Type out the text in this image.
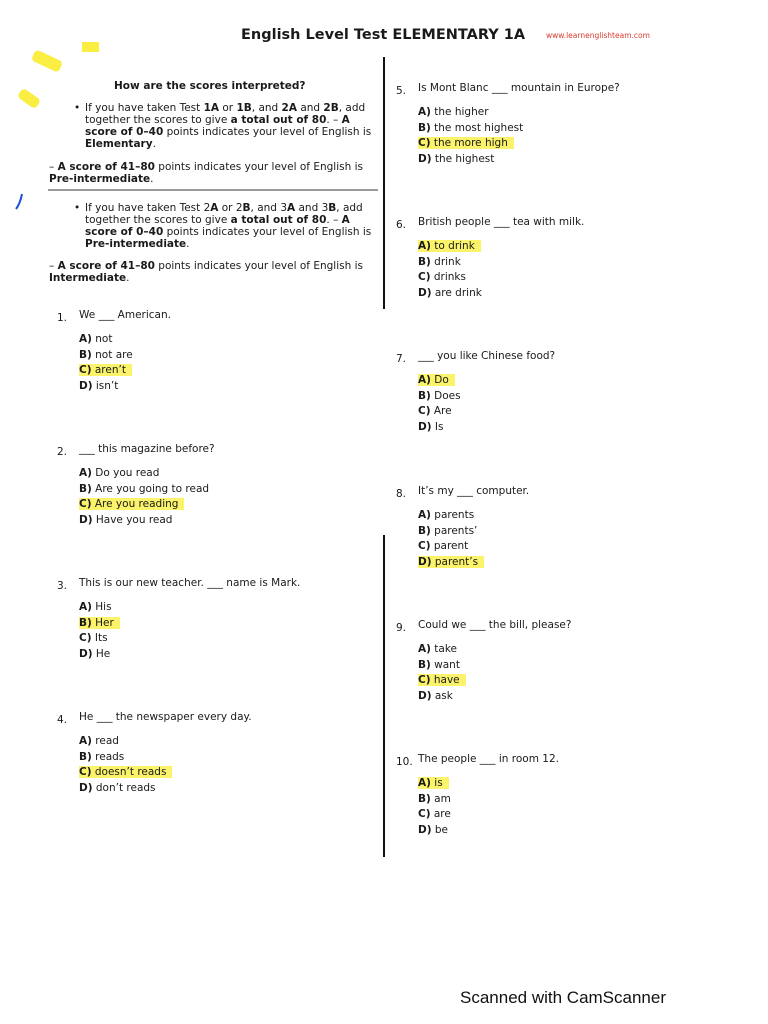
English Level Test ELEMENTARY 1A	www.learnenglishteam.com
How are the scores interpreted?
• If you have taken Test 1A or 1B, and 2A and 2B, add together the scores to give a total out of 80. – A score of 0–40 points indicates your level of English is Elementary.
– A score of 41–80 points indicates your level of English is Pre-intermediate.
• If you have taken Test 2A or 2B, and 3A and 3B, add together the scores to give a total out of 80. – A score of 0–40 points indicates your level of English is Pre-intermediate.
– A score of 41–80 points indicates your level of English is Intermediate.
1. We ___ American.
A) not
B) not are
C) aren’t
D) isn’t
2. ___ this magazine before?
A) Do you read
B) Are you going to read
C) Are you reading
D) Have you read
3. This is our new teacher. ___ name is Mark.
A) His
B) Her
C) Its
D) He
4. He ___ the newspaper every day.
A) read
B) reads
C) doesn’t reads
D) don’t reads
5. Is Mont Blanc ___ mountain in Europe?
A) the higher
B) the most highest
C) the more high
D) the highest
6. British people ___ tea with milk.
A) to drink
B) drink
C) drinks
D) are drink
7. ___ you like Chinese food?
A) Do
B) Does
C) Are
D) Is
8. It’s my ___ computer.
A) parents
B) parents’
C) parent
D) parent’s
9. Could we ___ the bill, please?
A) take
B) want
C) have
D) ask
10. The people ___ in room 12.
A) is
B) am
C) are
D) be
Scanned with CamScanner
